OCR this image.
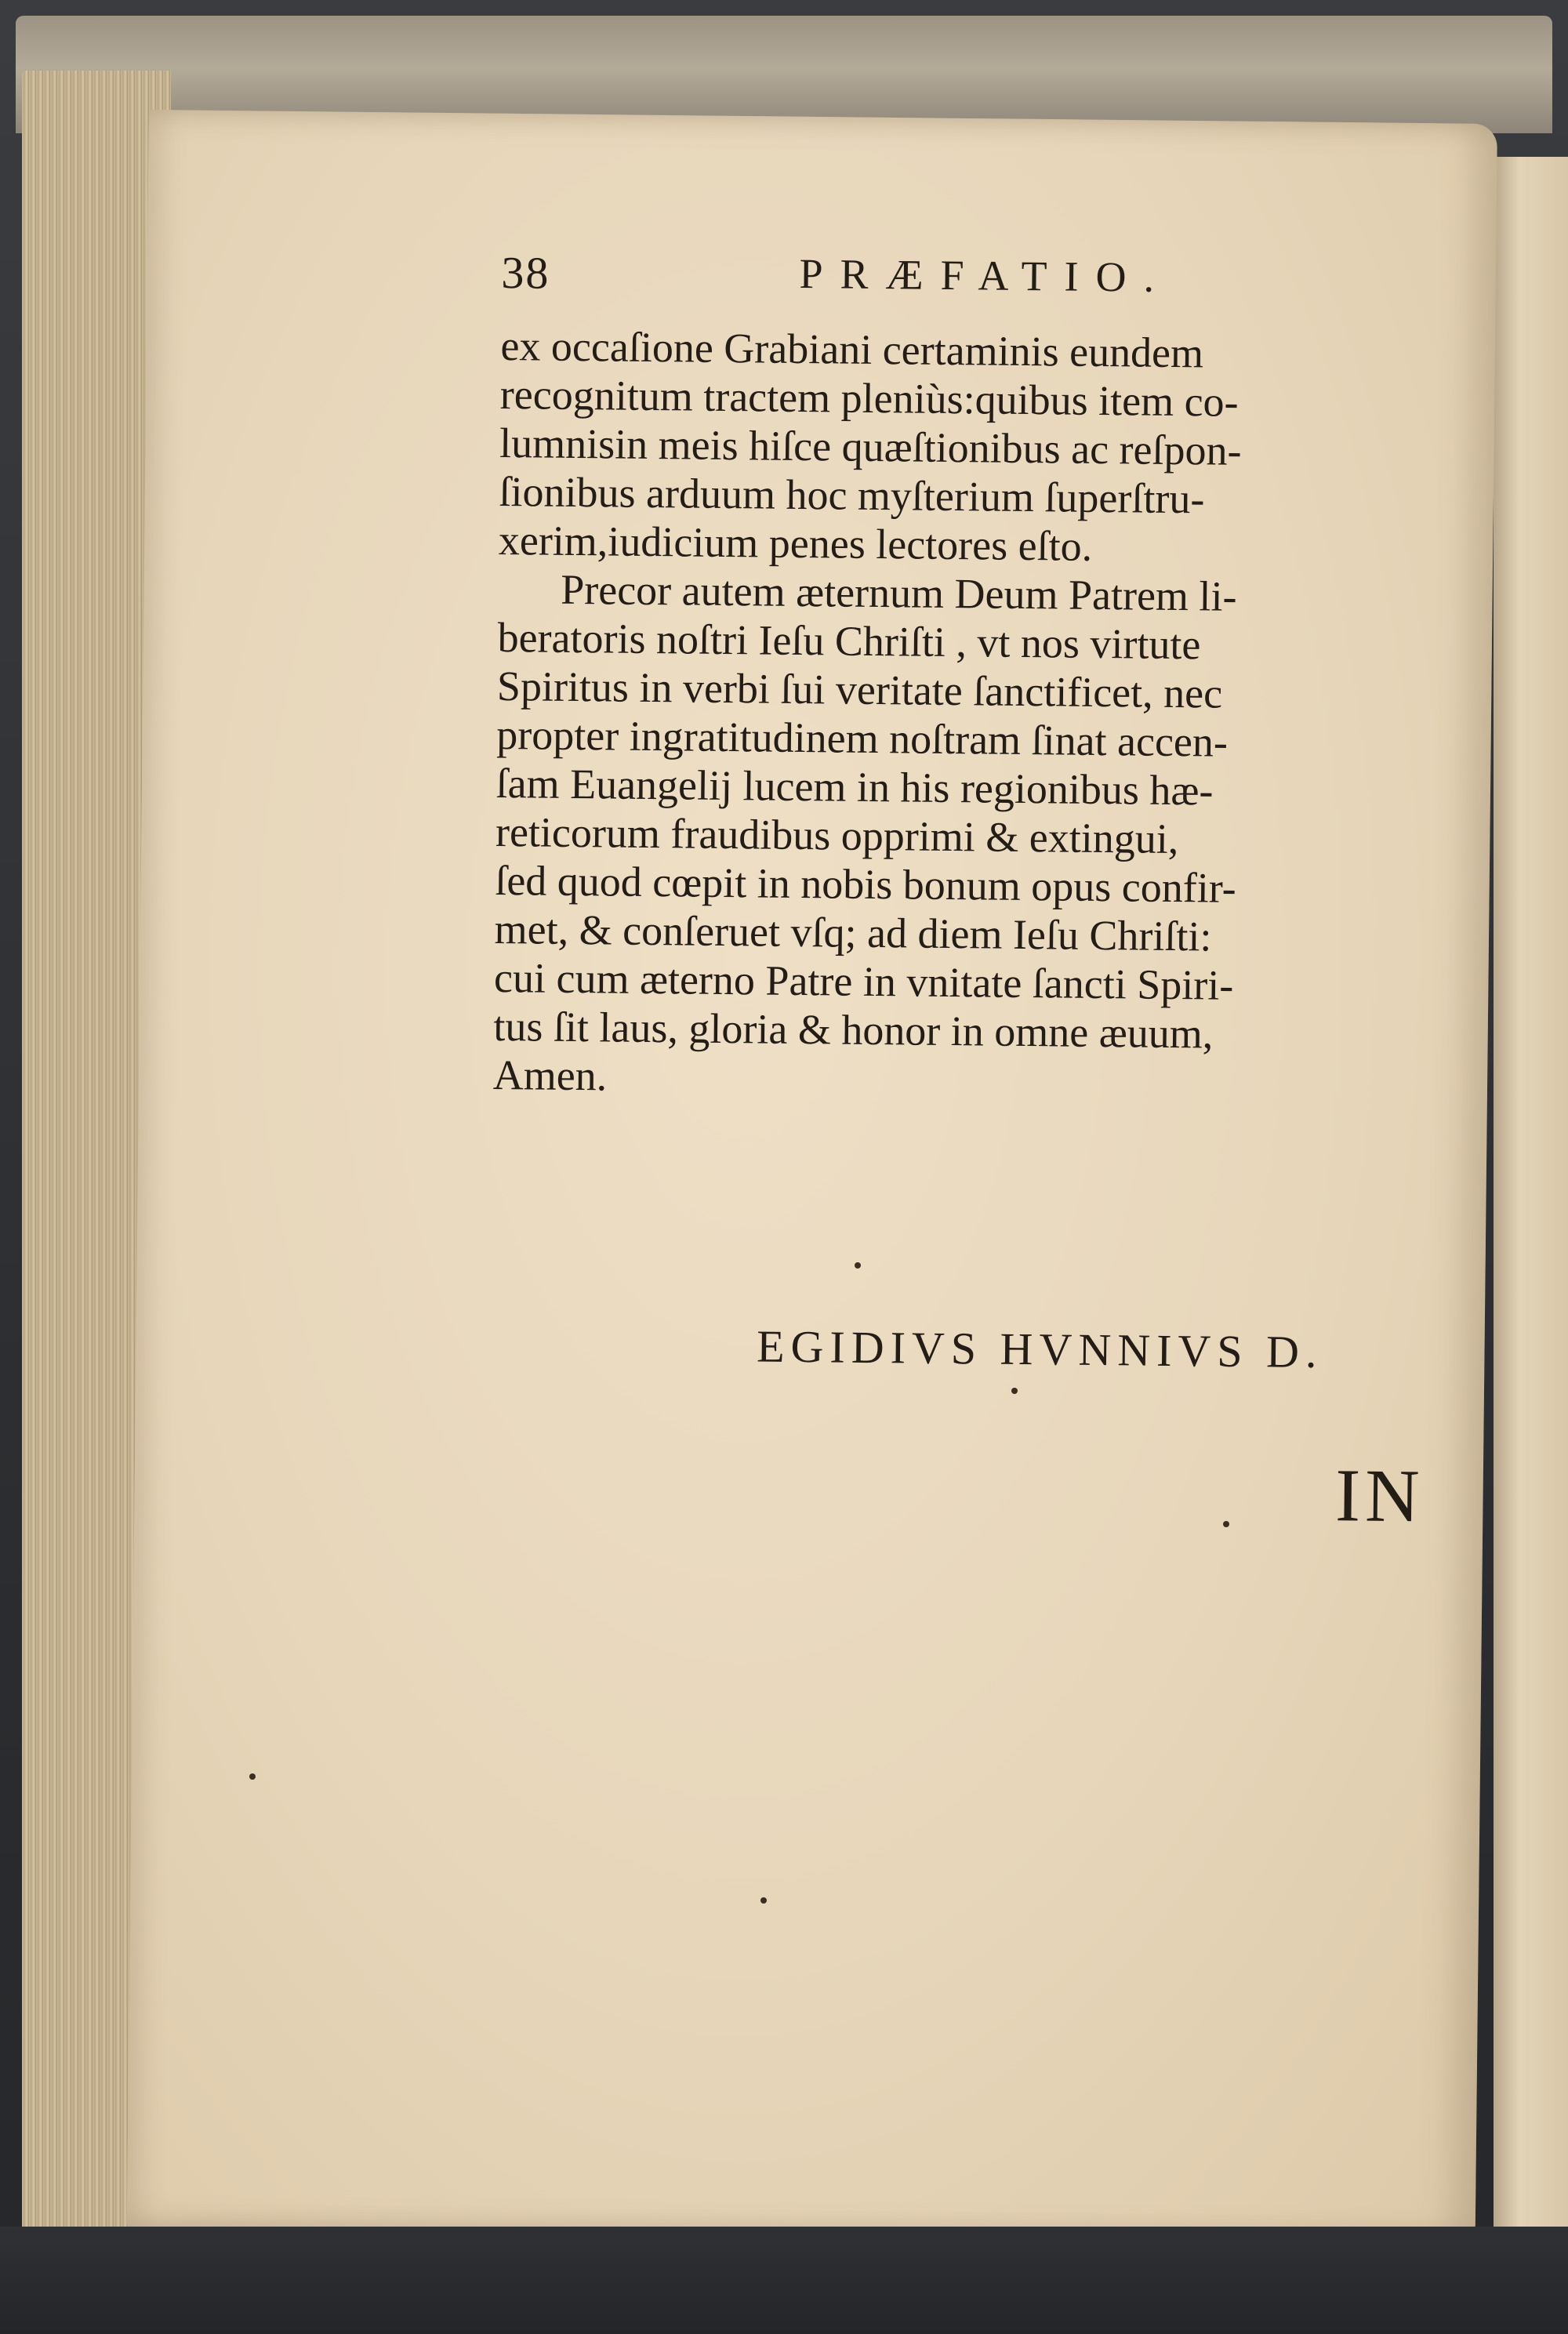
38	PRÆFATIO.
ex occaſione Grabiani certaminis eundem
recognitum tractem pleniùs:quibus item co-
lumnisin meis hiſce quæſtionibus ac reſpon-
ſionibus arduum hoc myſterium ſuperſtru-
xerim,iudicium penes lectores eſto.
Precor autem æternum Deum Patrem li-
beratoris noſtri Ieſu Chriſti , vt nos virtute
Spiritus in verbi ſui veritate ſanctificet, nec
propter ingratitudinem noſtram ſinat accen-
ſam Euangelij lucem in his regionibus hæ-
reticorum fraudibus opprimi & extingui,
ſed quod cœpit in nobis bonum opus confir-
met, & conſeruet vſq; ad diem Ieſu Chriſti:
cui cum æterno Patre in vnitate ſancti Spiri-
tus ſit laus, gloria & honor in omne æuum,
Amen.
EGIDIVS HVNNIVS D.
IN
